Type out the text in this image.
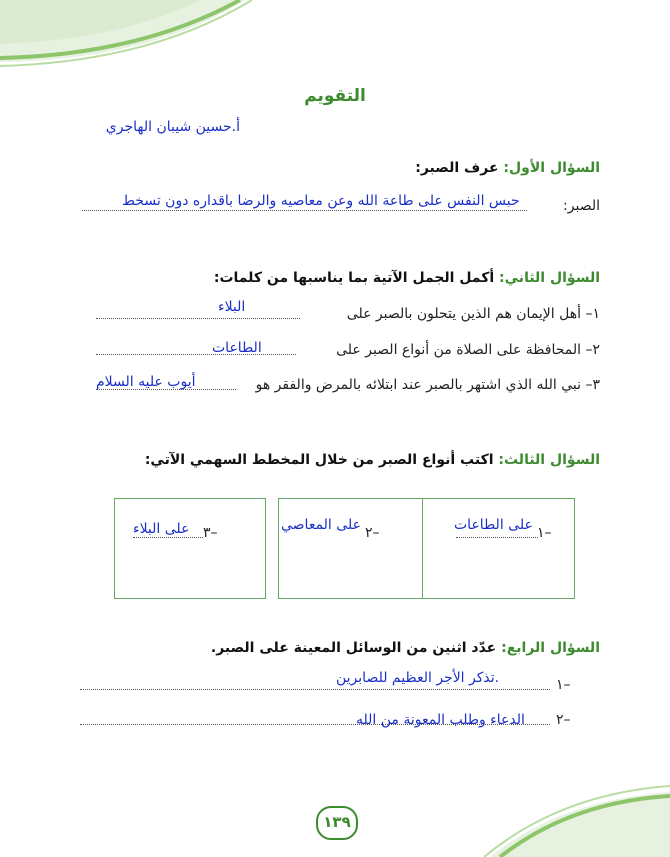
التقويم
أ.حسين شيبان الهاجري
السؤال الأول: عرف الصبر:
الصبر:
حبس النفس على طاعة الله وعن معاصيه والرضا باقداره دون تسخط
السؤال الثاني: أكمل الجمل الآتية بما يناسبها من كلمات:
١– أهل الإيمان هم الذين يتحلون بالصبر على
البلاء
٢– المحافظة على الصلاة من أنواع الصبر على
الطاعات
٣– نبي الله الذي اشتهر بالصبر عند ابتلائه بالمرض والفقر هو
أيوب عليه السلام
السؤال الثالث: اكتب أنواع الصبر من خلال المخطط السهمي الآتي:
١–
على الطاعات
٢–
على المعاصي
٣–
على البلاء
السؤال الرابع: عدّد اثنين من الوسائل المعينة على الصبر.
١–
تذكر الأجر العظيم للصابرين.
٢–
الدعاء وطلب المعونة من الله
١٣٩
